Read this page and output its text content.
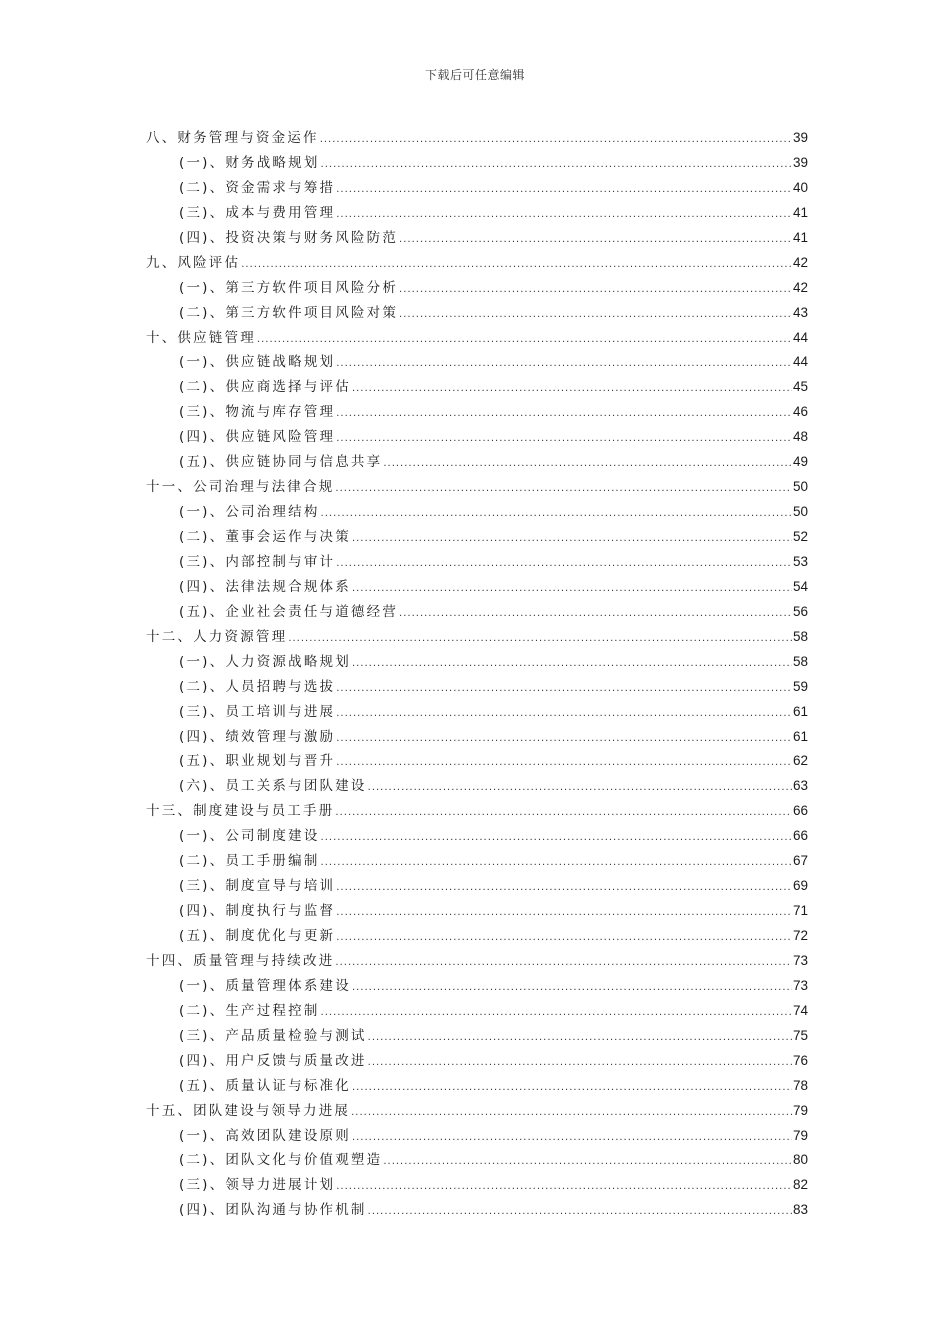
下载后可任意编辑
八、财务管理与资金运作 .....	39
(一)、财务战略规划 .....	39
(二)、资金需求与筹措 .....	40
(三)、成本与费用管理 .....	41
(四)、投资决策与财务风险防范 .....	41
九、风险评估 .....	42
(一)、第三方软件项目风险分析 .....	42
(二)、第三方软件项目风险对策 .....	43
十、供应链管理 .....	44
(一)、供应链战略规划 .....	44
(二)、供应商选择与评估 .....	45
(三)、物流与库存管理 .....	46
(四)、供应链风险管理 .....	48
(五)、供应链协同与信息共享 .....	49
十一、公司治理与法律合规 .....	50
(一)、公司治理结构 .....	50
(二)、董事会运作与决策 .....	52
(三)、内部控制与审计 .....	53
(四)、法律法规合规体系 .....	54
(五)、企业社会责任与道德经营 .....	56
十二、人力资源管理 .....	58
(一)、人力资源战略规划 .....	58
(二)、人员招聘与选拔 .....	59
(三)、员工培训与进展 .....	61
(四)、绩效管理与激励 .....	61
(五)、职业规划与晋升 .....	62
(六)、员工关系与团队建设 .....	63
十三、制度建设与员工手册 .....	66
(一)、公司制度建设 .....	66
(二)、员工手册编制 .....	67
(三)、制度宣导与培训 .....	69
(四)、制度执行与监督 .....	71
(五)、制度优化与更新 .....	72
十四、质量管理与持续改进 .....	73
(一)、质量管理体系建设 .....	73
(二)、生产过程控制 .....	74
(三)、产品质量检验与测试 .....	75
(四)、用户反馈与质量改进 .....	76
(五)、质量认证与标准化 .....	78
十五、团队建设与领导力进展 .....	79
(一)、高效团队建设原则 .....	79
(二)、团队文化与价值观塑造 .....	80
(三)、领导力进展计划 .....	82
(四)、团队沟通与协作机制 .....	83
